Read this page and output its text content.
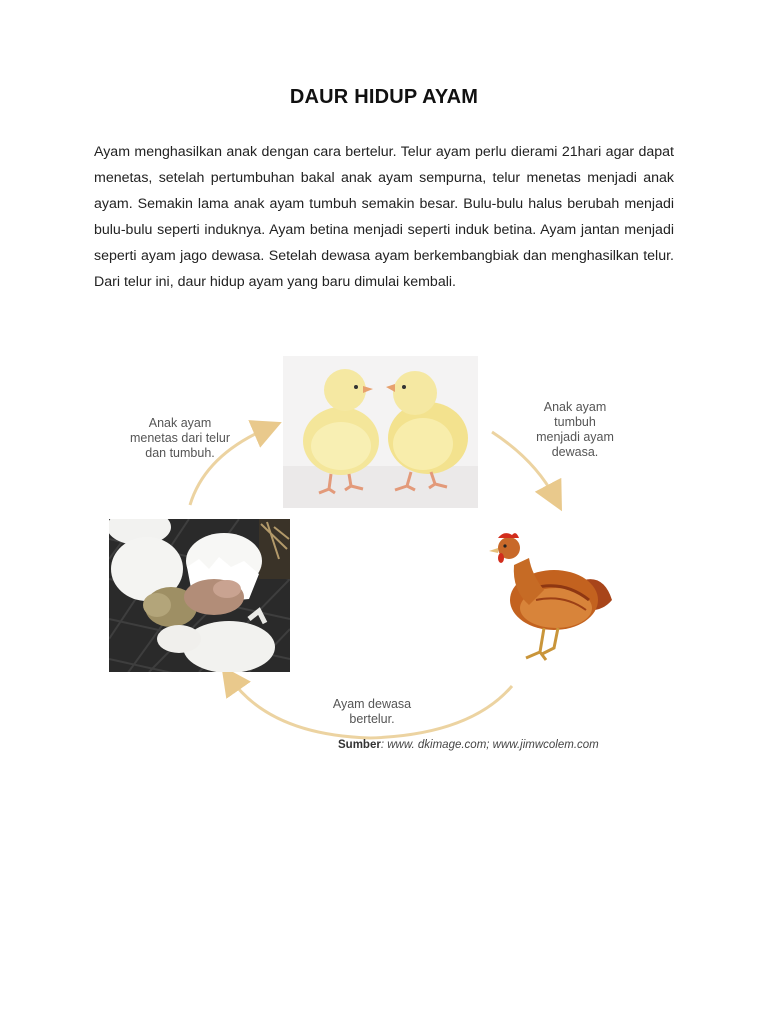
DAUR HIDUP AYAM
Ayam menghasilkan anak dengan cara bertelur. Telur ayam perlu dierami 21hari agar dapat menetas, setelah pertumbuhan bakal anak ayam sempurna, telur menetas menjadi anak ayam. Semakin lama anak ayam tumbuh semakin besar. Bulu-bulu halus berubah menjadi bulu-bulu seperti induknya. Ayam betina menjadi seperti induk betina. Ayam jantan menjadi seperti ayam jago dewasa. Setelah dewasa ayam berkembangbiak dan menghasilkan telur. Dari telur ini, daur hidup ayam yang baru dimulai kembali.
Anak ayam
menetas dari telur
dan tumbuh.
Anak ayam
tumbuh
menjadi ayam
dewasa.
Ayam dewasa
bertelur.
Sumber: www. dkimage.com; www.jimwcolem.com
